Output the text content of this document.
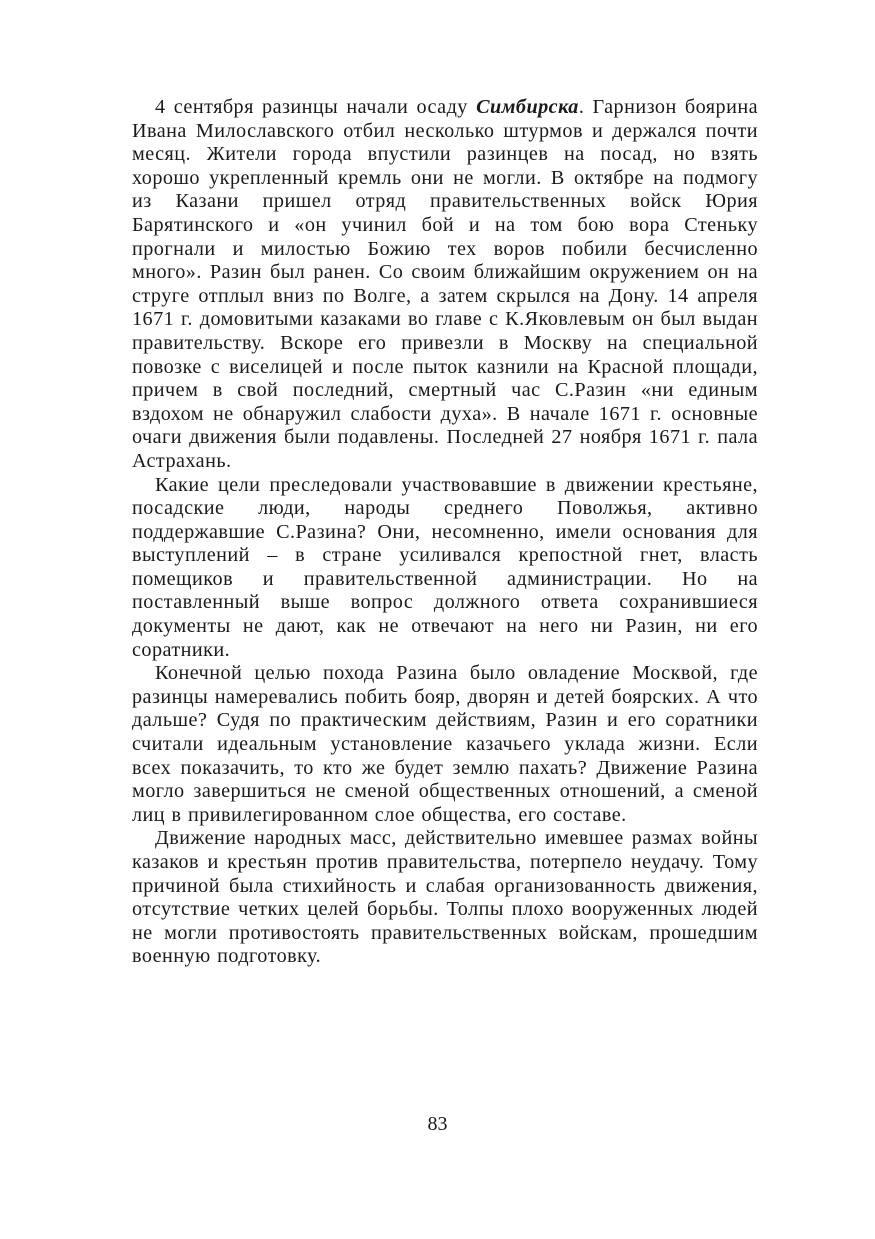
4 сентября разинцы начали осаду Симбирска. Гарнизон боярина Ивана Милославского отбил несколько штурмов и держался почти месяц. Жители города впустили разинцев на посад, но взять хорошо укрепленный кремль они не могли. В октябре на подмогу из Казани пришел отряд правительственных войск Юрия Барятинского и «он учинил бой и на том бою вора Стеньку прогнали и милостью Божию тех воров побили бесчисленно много». Разин был ранен. Со своим ближайшим окружением он на струге отплыл вниз по Волге, а затем скрылся на Дону. 14 апреля 1671 г. домовитыми казаками во главе с К.Яковлевым он был выдан правительству. Вскоре его привезли в Москву на специальной повозке с виселицей и после пыток казнили на Красной площади, причем в свой последний, смертный час С.Разин «ни единым вздохом не обнаружил слабости духа». В начале 1671 г. основные очаги движения были подавлены. Последней 27 ноября 1671 г. пала Астрахань.

Какие цели преследовали участвовавшие в движении крестьяне, посадские люди, народы среднего Поволжья, активно поддержавшие С.Разина? Они, несомненно, имели основания для выступлений – в стране усиливался крепостной гнет, власть помещиков и правительственной администрации. Но на поставленный выше вопрос должного ответа сохранившиеся документы не дают, как не отвечают на него ни Разин, ни его соратники.

Конечной целью похода Разина было овладение Москвой, где разинцы намеревались побить бояр, дворян и детей боярских. А что дальше? Судя по практическим действиям, Разин и его соратники считали идеальным установление казачьего уклада жизни. Если всех показачить, то кто же будет землю пахать? Движение Разина могло завершиться не сменой общественных отношений, а сменой лиц в привилегированном слое общества, его составе.

Движение народных масс, действительно имевшее размах войны казаков и крестьян против правительства, потерпело неудачу. Тому причиной была стихийность и слабая организованность движения, отсутствие четких целей борьбы. Толпы плохо вооруженных людей не могли противостоять правительственных войскам, прошедшим военную подготовку.

83
